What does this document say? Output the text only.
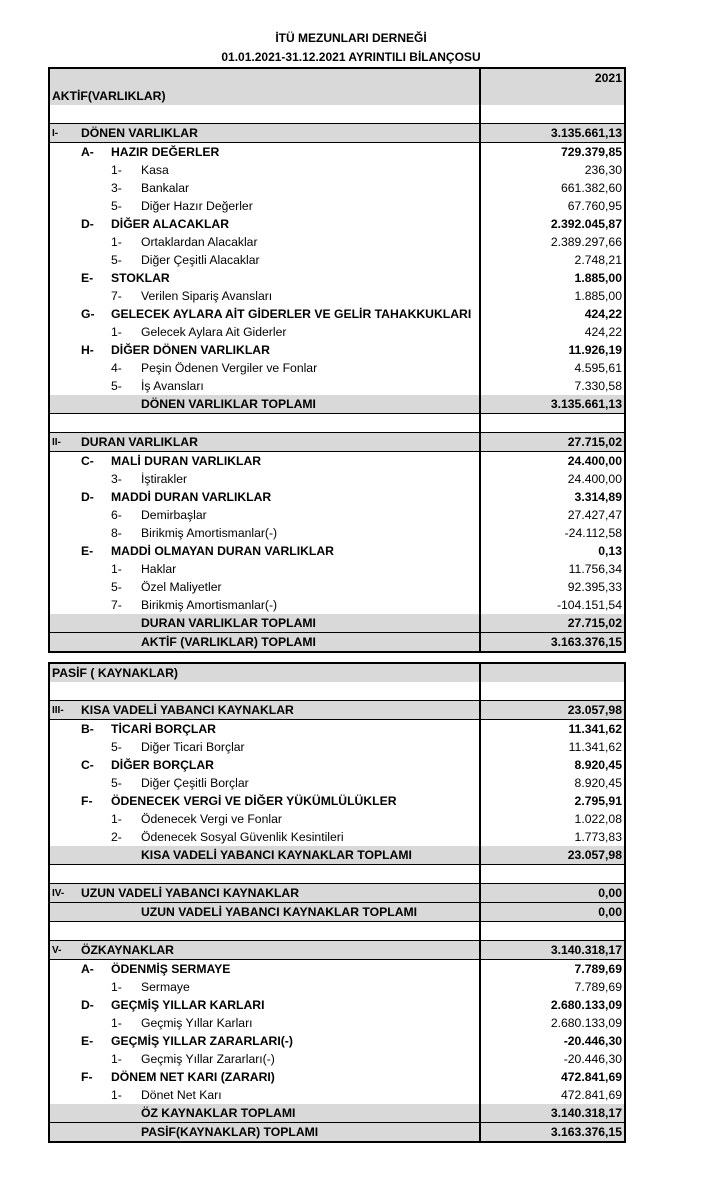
İTÜ MEZUNLARI DERNEĞİ
01.01.2021-31.12.2021 AYRINTILI BİLANÇOSU
				2021
AKTİF(VARLIKLAR)				

I-	DÖNEN VARLIKLAR			3.135.661,13
	A-	HAZIR DEĞERLER		729.379,85
		1-	Kasa	236,30
		3-	Bankalar	661.382,60
		5-	Diğer Hazır Değerler	67.760,95
	D-	DİĞER ALACAKLAR		2.392.045,87
		1-	Ortaklardan Alacaklar	2.389.297,66
		5-	Diğer Çeşitli Alacaklar	2.748,21
	E-	STOKLAR		1.885,00
		7-	Verilen Sipariş Avansları	1.885,00
	G-	GELECEK AYLARA AİT GİDERLER VE GELİR TAHAKKUKLARI		424,22
		1-	Gelecek Aylara Ait Giderler	424,22
	H-	DİĞER DÖNEN VARLIKLAR		11.926,19
		4-	Peşin Ödenen Vergiler ve Fonlar	4.595,61
		5-	İş Avansları	7.330,58
			DÖNEN VARLIKLAR TOPLAMI	3.135.661,13

II-	DURAN VARLIKLAR			27.715,02
	C-	MALİ DURAN VARLIKLAR		24.400,00
		3-	İştirakler	24.400,00
	D-	MADDİ DURAN VARLIKLAR		3.314,89
		6-	Demirbaşlar	27.427,47
		8-	Birikmiş Amortismanlar(-)	-24.112,58
	E-	MADDİ OLMAYAN DURAN VARLIKLAR		0,13
		1-	Haklar	11.756,34
		5-	Özel Maliyetler	92.395,33
		7-	Birikmiş Amortismanlar(-)	-104.151,54
			DURAN VARLIKLAR TOPLAMI	27.715,02
			AKTİF (VARLIKLAR) TOPLAMI	3.163.376,15
PASİF ( KAYNAKLAR)				

III-	KISA VADELİ YABANCI KAYNAKLAR			23.057,98
	B-	TİCARİ BORÇLAR		11.341,62
		5-	Diğer Ticari Borçlar	11.341,62
	C-	DİĞER BORÇLAR		8.920,45
		5-	Diğer Çeşitli Borçlar	8.920,45
	F-	ÖDENECEK VERGİ VE DİĞER YÜKÜMLÜLÜKLER		2.795,91
		1-	Ödenecek Vergi ve Fonlar	1.022,08
		2-	Ödenecek Sosyal Güvenlik Kesintileri	1.773,83
			KISA VADELİ YABANCI KAYNAKLAR TOPLAMI	23.057,98

IV-	UZUN VADELİ YABANCI KAYNAKLAR			0,00
			UZUN VADELİ YABANCI KAYNAKLAR TOPLAMI	0,00

V-	ÖZKAYNAKLAR			3.140.318,17
	A-	ÖDENMİŞ SERMAYE		7.789,69
		1-	Sermaye	7.789,69
	D-	GEÇMİŞ YILLAR KARLARI		2.680.133,09
		1-	Geçmiş Yıllar Karları	2.680.133,09
	E-	GEÇMİŞ YILLAR ZARARLARI(-)		-20.446,30
		1-	Geçmiş Yıllar Zararları(-)	-20.446,30
	F-	DÖNEM NET KARI (ZARARI)		472.841,69
		1-	Dönet Net Karı	472.841,69
			ÖZ KAYNAKLAR TOPLAMI	3.140.318,17
			PASİF(KAYNAKLAR) TOPLAMI	3.163.376,15
